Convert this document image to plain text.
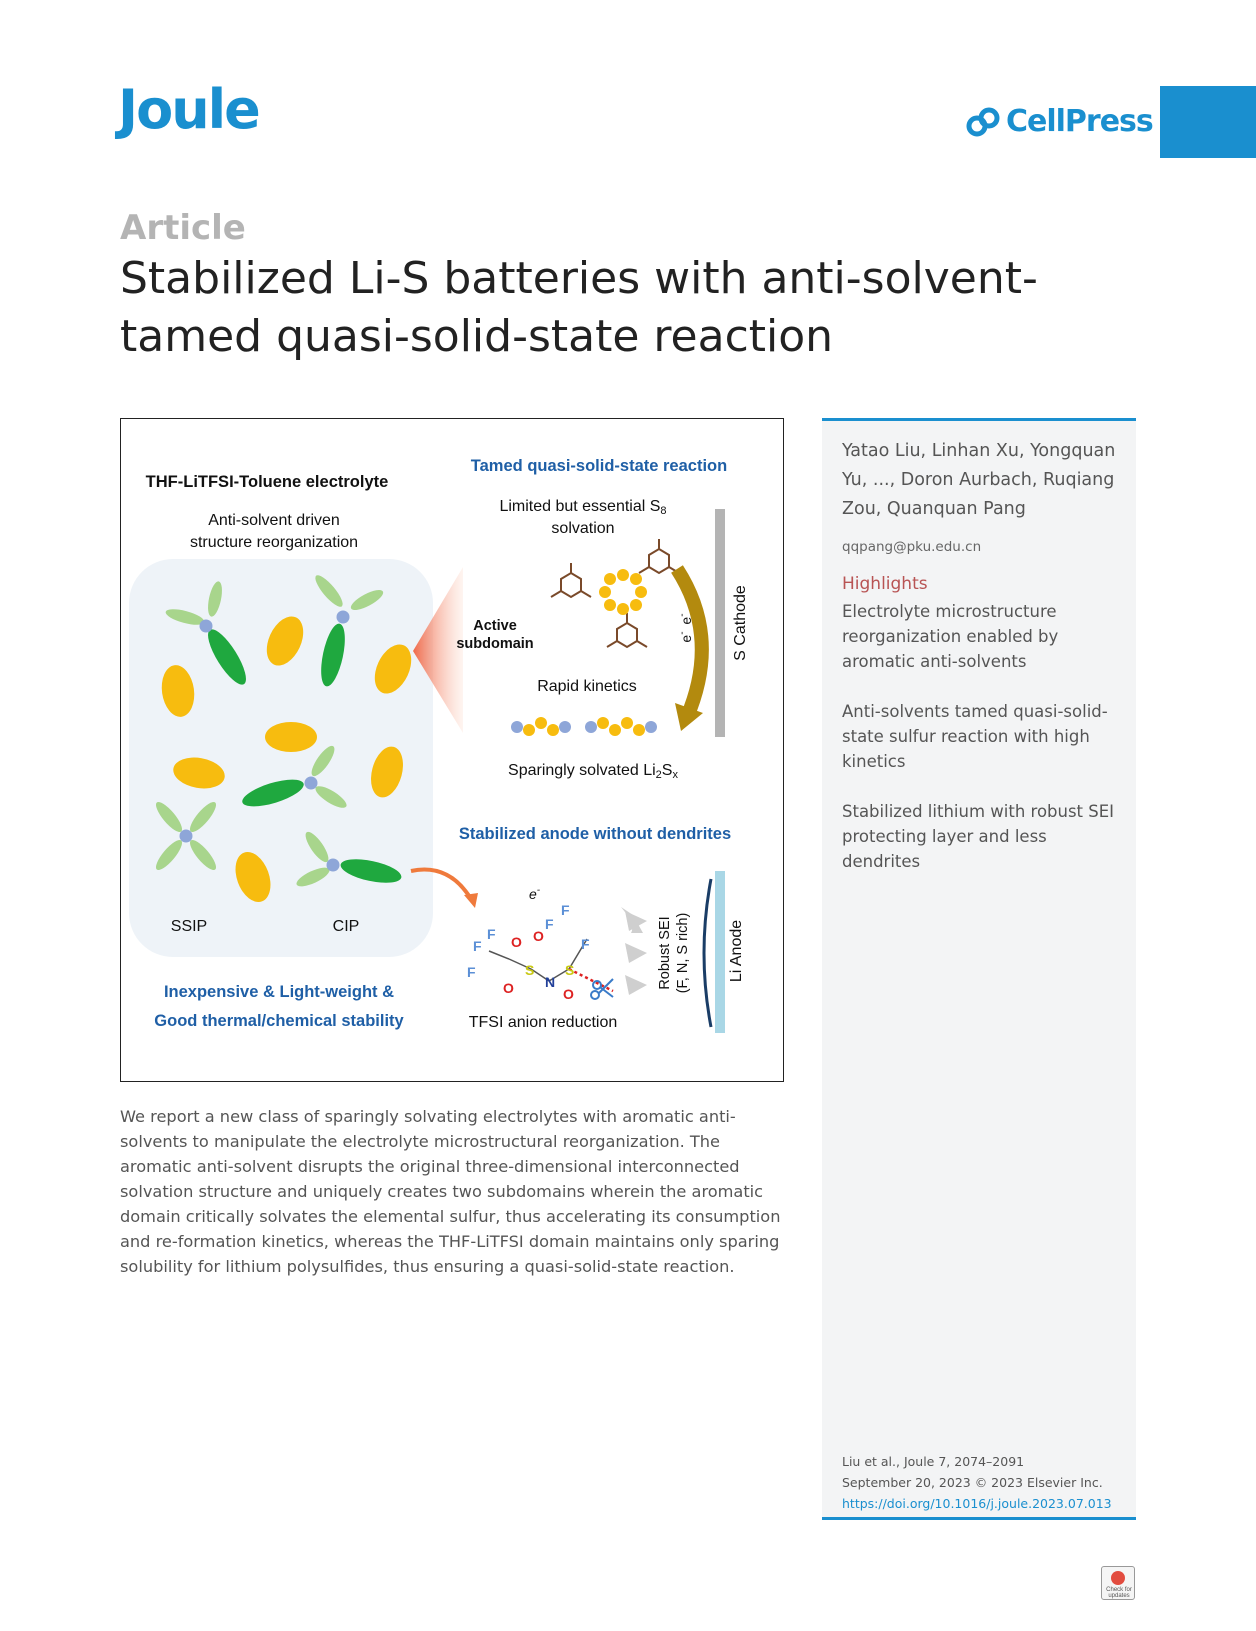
Joule	CellPress
Article
Stabilized Li-S batteries with anti-solvent-tamed quasi-solid-state reaction
THF-LiTFSI-Toluene electrolyte
Anti-solvent driven
structure reorganization
SSIP	CIP
Inexpensive & Light-weight &
Good thermal/chemical stability
Tamed quasi-solid-state reaction
Limited but essential S8
solvation
Active
subdomain
Rapid kinetics
e-
e-	S Cathode
Sparingly solvated Li2Sx
Stabilized anode without dendrites
e-
F
F
F
O
O
S
N
O
S
O
F
F
F	Robust SEI (F, N, S rich) Li Anode
TFSI anion reduction
We report a new class of sparingly solvating electrolytes with aromatic anti-solvents to manipulate the electrolyte microstructural reorganization. The aromatic anti-solvent disrupts the original three-dimensional interconnected solvation structure and uniquely creates two subdomains wherein the aromatic domain critically solvates the elemental sulfur, thus accelerating its consumption and re-formation kinetics, whereas the THF-LiTFSI domain maintains only sparing solubility for lithium polysulfides, thus ensuring a quasi-solid-state reaction.
Yatao Liu, Linhan Xu, Yongquan Yu, ..., Doron Aurbach, Ruqiang Zou, Quanquan Pang
qqpang@pku.edu.cn
Highlights
Electrolyte microstructure reorganization enabled by aromatic anti-solvents
Anti-solvents tamed quasi-solid-state sulfur reaction with high kinetics
Stabilized lithium with robust SEI protecting layer and less dendrites
Liu et al., Joule 7, 2074–2091
September 20, 2023 © 2023 Elsevier Inc.
https://doi.org/10.1016/j.joule.2023.07.013
Check for updates
